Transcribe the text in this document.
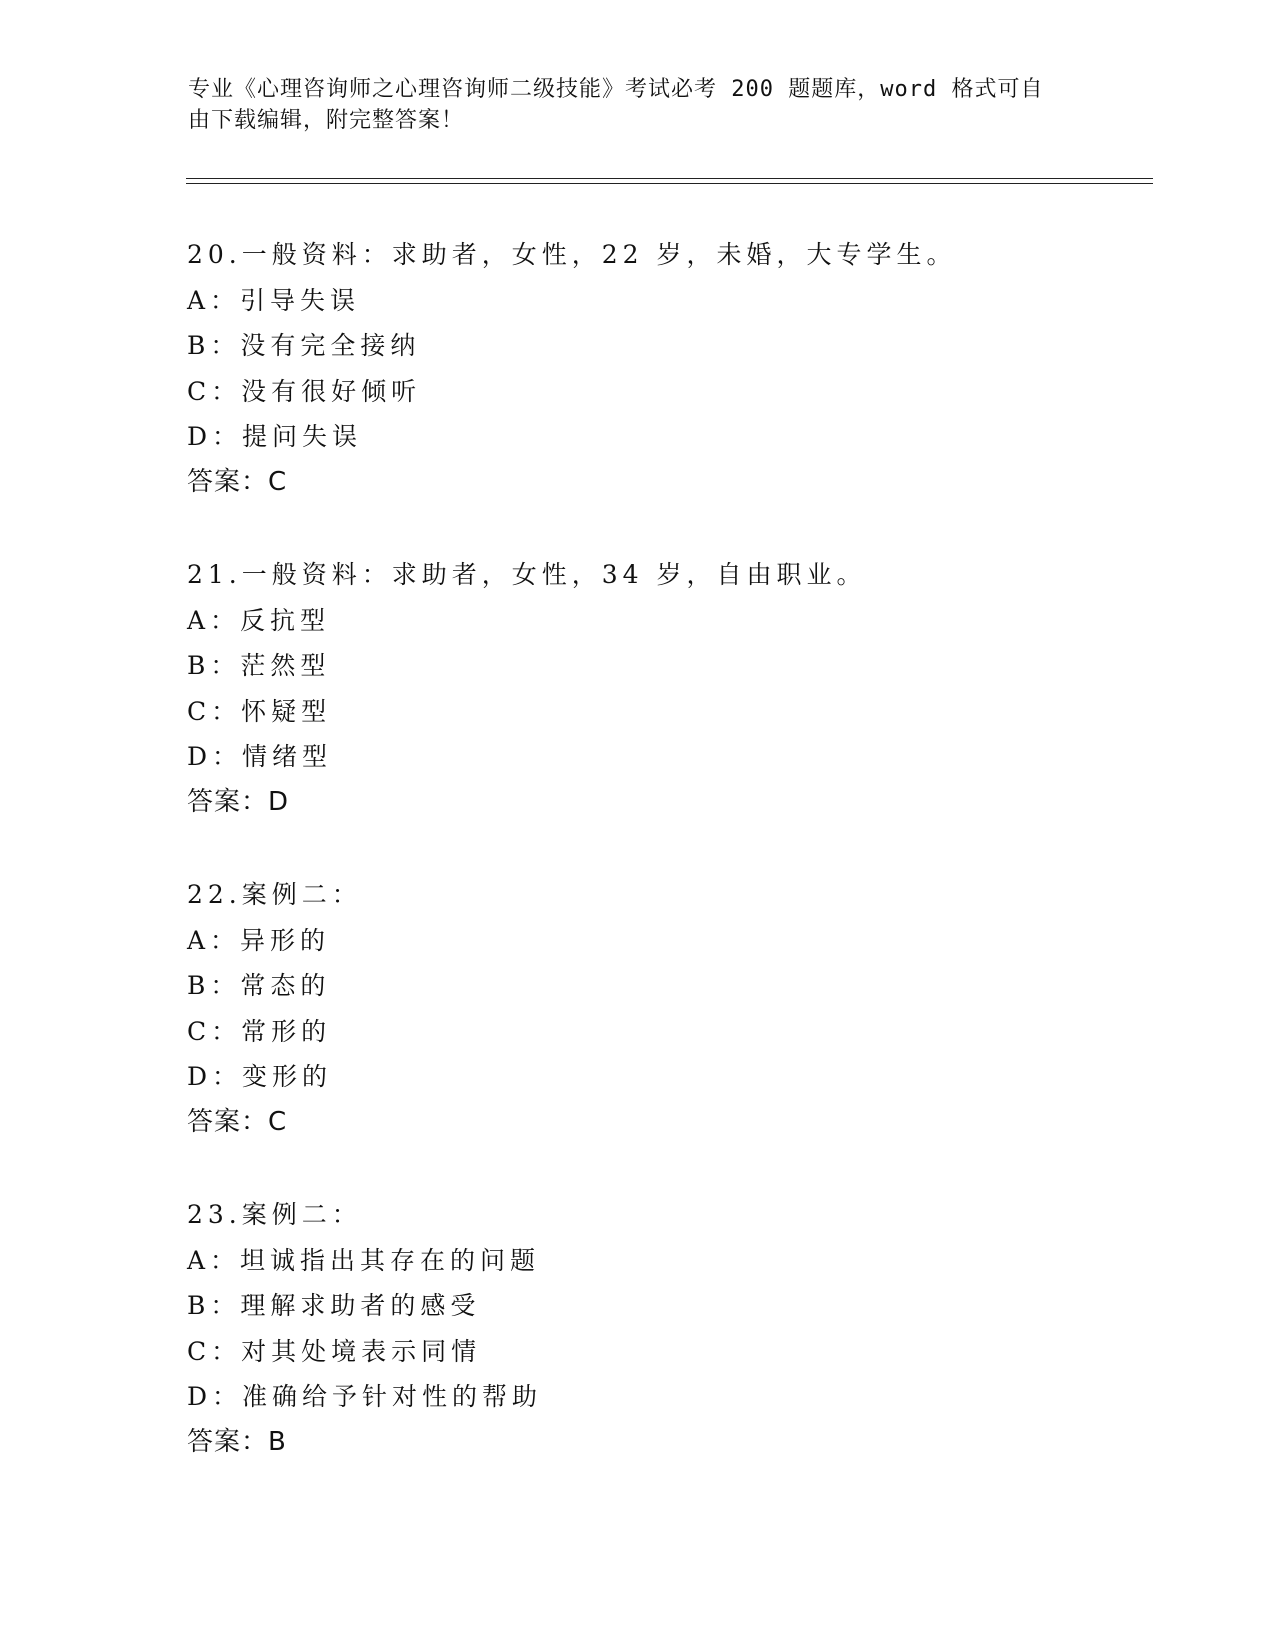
专业《心理咨询师之心理咨询师二级技能》考试必考 200 题题库，word 格式可自
由下载编辑，附完整答案！
20.一般资料：求助者，女性，22 岁，未婚，大专学生。
A：引导失误
B：没有完全接纳
C：没有很好倾听
D：提问失误
答案：C
21.一般资料：求助者，女性，34 岁，自由职业。
A：反抗型
B：茫然型
C：怀疑型
D：情绪型
答案：D
22.案例二：
A：异形的
B：常态的
C：常形的
D：变形的
答案：C
23.案例二：
A：坦诚指出其存在的问题
B：理解求助者的感受
C：对其处境表示同情
D：准确给予针对性的帮助
答案：B
